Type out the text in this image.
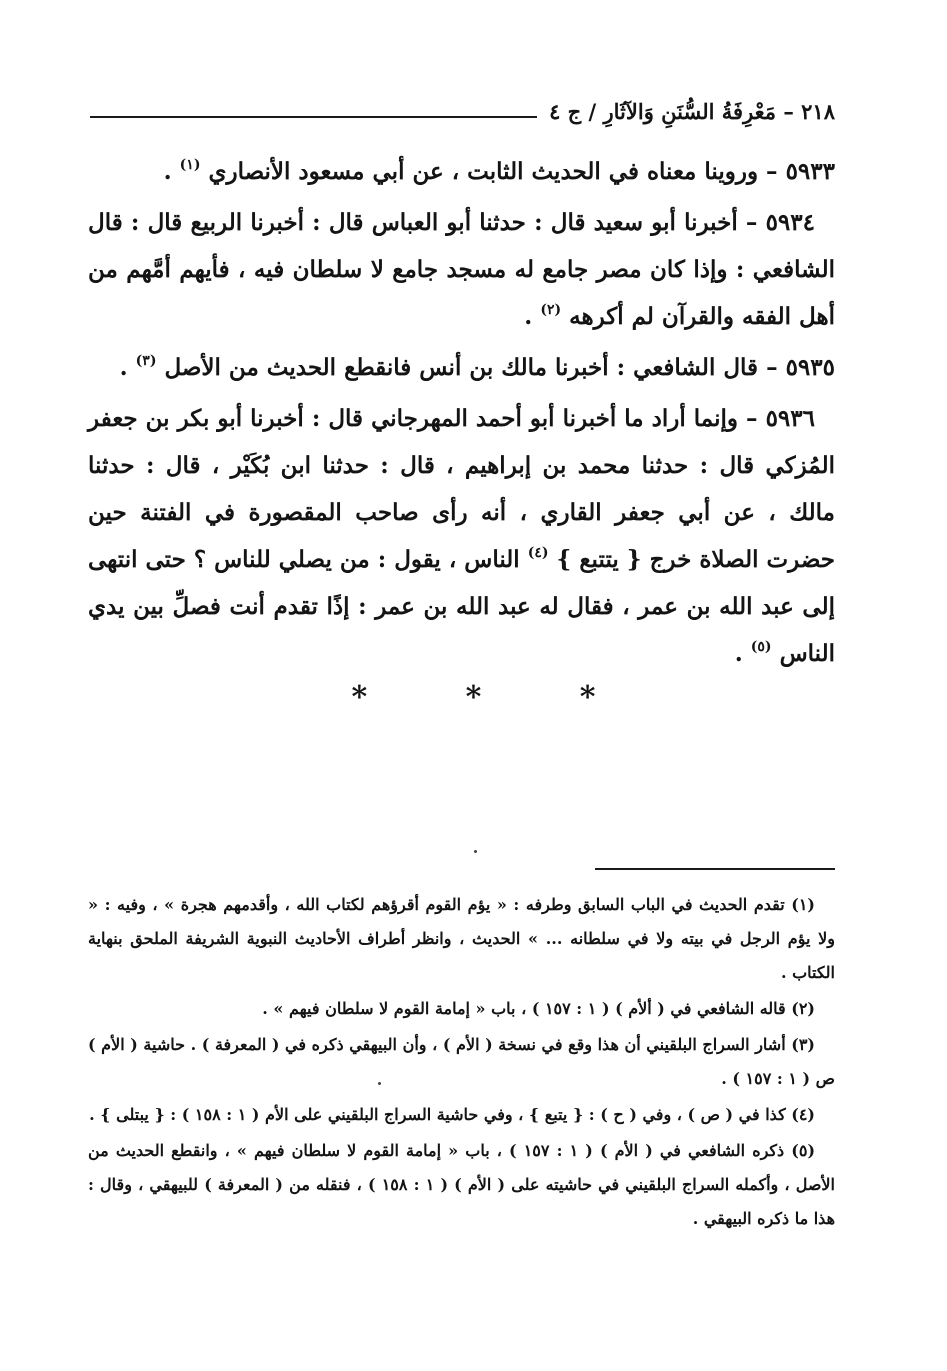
٢١٨ – مَعْرِفَةُ السُّنَنِ وَالآثَارِ / ج ٤

٥٩٣٣ – وروينا معناه في الحديث الثابت ، عن أبي مسعود الأنصاري $^{(١)}$ .

٥٩٣٤ – أخبرنا أبو سعيد قال : حدثنا أبو العباس قال : أخبرنا الربيع قال : قال الشافعي : وإذا كان مصر جامع له مسجد جامع لا سلطان فيه ، فأيهم أمَّهم من أهل الفقه والقرآن لم أكرهه $^{(٢)}$ .

٥٩٣٥ – قال الشافعي : أخبرنا مالك بن أنس فانقطع الحديث من الأصل $^{(٣)}$ .

٥٩٣٦ – وإنما أراد ما أخبرنا أبو أحمد المهرجاني قال : أخبرنا أبو بكر بن جعفر المُزكي قال : حدثنا محمد بن إبراهيم ، قال : حدثنا ابن بُكَيْر ، قال : حدثنا مالك ، عن أبي جعفر القاري ، أنه رأى صاحب المقصورة في الفتنة حين حضرت الصلاة خرج { يتتبع } $^{(٤)}$ الناس ، يقول : من يصلي للناس ؟ حتى انتهى إلى عبد الله بن عمر ، فقال له عبد الله بن عمر : إذًا تقدم أنت فصلِّ بين يدي الناس $^{(٥)}$ .

* * *

(١) تقدم الحديث في الباب السابق وطرفه : « يؤم القوم أقرؤهم لكتاب الله ، وأقدمهم هجرة » ، وفيه : « ولا يؤم الرجل في بيته ولا في سلطانه ... » الحديث ، وانظر أطراف الأحاديث النبوية الشريفة الملحق بنهاية الكتاب .

(٢) قاله الشافعي في ( ألأم ) ( ١ : ١٥٧ ) ، باب « إمامة القوم لا سلطان فيهم » .

(٣) أشار السراج البلقيني أن هذا وقع في نسخة ( الأم ) ، وأن البيهقي ذكره في ( المعرفة ) . حاشية ( الأم ) ص ( ١ : ١٥٧ ) .

(٤) كذا في ( ص ) ، وفي ( ح ) : { يتبع } ، وفي حاشية السراج البلقيني على الأم ( ١ : ١٥٨ ) : { يبتلى } .

(٥) ذكره الشافعي في ( الأم ) ( ١ : ١٥٧ ) ، باب « إمامة القوم لا سلطان فيهم » ، وانقطع الحديث من الأصل ، وأكمله السراج البلقيني في حاشيته على ( الأم ) ( ١ : ١٥٨ ) ، فنقله من ( المعرفة ) للبيهقي ، وقال : هذا ما ذكره البيهقي .
